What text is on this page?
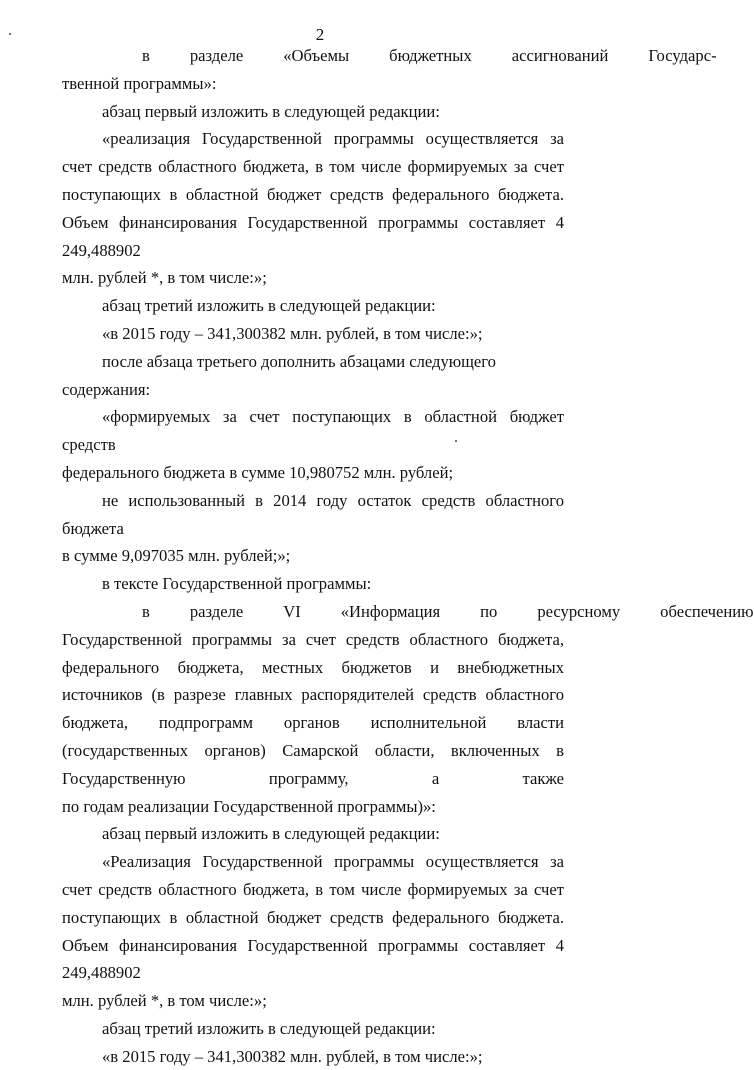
2

в	разделе	«Объемы	бюджетных	ассигнований	Государс-

твенной программы»:

абзац первый изложить в следующей редакции:

«реализация Государственной программы осуществляется за счет средств областного бюджета, в том числе формируемых за счет поступающих в областной бюджет средств федерального бюджета. Объем финансирования Государственной программы составляет 4 249,488902

млн. рублей *, в том числе:»;

абзац третий изложить в следующей редакции:

«в 2015 году – 341,300382 млн. рублей, в том числе:»;

после абзаца третьего дополнить абзацами следующего содержания:

«формируемых за счет поступающих в областной бюджет средств

федерального бюджета в сумме 10,980752 млн. рублей;

не использованный в 2014 году остаток средств областного бюджета

в сумме 9,097035 млн. рублей;»;

в тексте Государственной программы:

в	разделе	VI	«Информация	по	ресурсному	обеспечению

Государственной программы за счет средств областного бюджета, федерального бюджета, местных бюджетов и внебюджетных источников (в разрезе главных распорядителей средств областного бюджета, подпрограмм органов исполнительной власти (государственных органов) Самарской области, включенных в Государственную программу, а также

по годам реализации Государственной программы)»:

абзац первый изложить в следующей редакции:

«Реализация Государственной программы осуществляется за счет средств областного бюджета, в том числе формируемых за счет поступающих в областной бюджет средств федерального бюджета. Объем финансирования Государственной программы составляет 4 249,488902

млн. рублей *, в том числе:»;

абзац третий изложить в следующей редакции:

«в 2015 году – 341,300382 млн. рублей, в том числе:»;
